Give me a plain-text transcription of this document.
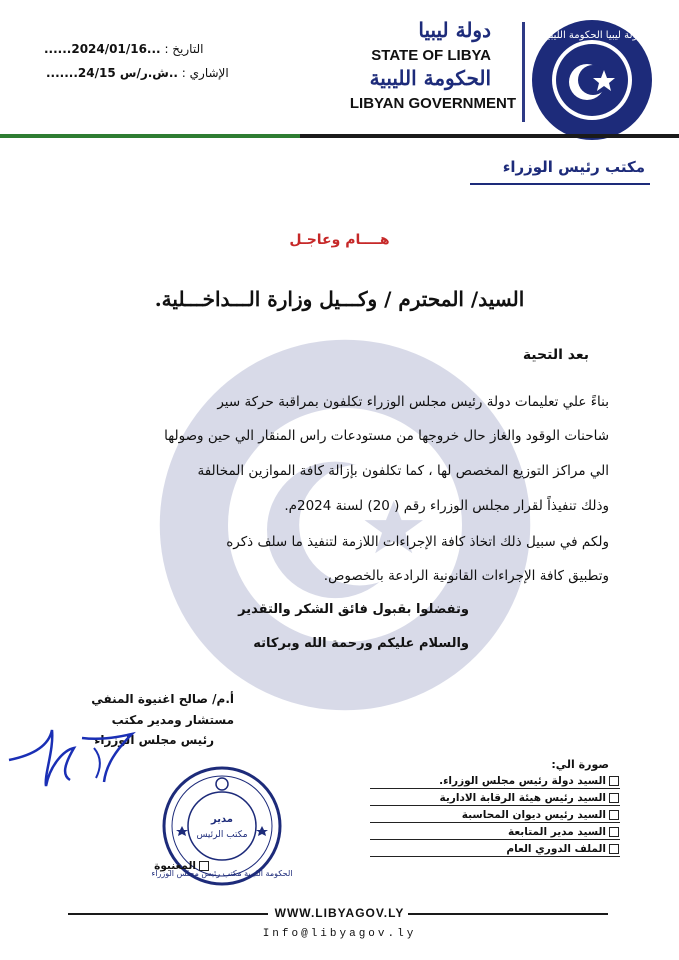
دولة ليبيا الحكومة الليبية
دولة ليبيا
STATE OF LIBYA
الحكومة الليبية
LIBYAN GOVERNMENT
التاريخ : ...2024/01/16......
الإشاري : ..ش.ر/س 24/15.......
مكتب رئيس الوزراء
هــــام وعاجـل
السيد/ المحترم / وكـــيل وزارة الـــداخـــلية.
بعد التحية
بناءً علي تعليمات دولة رئيس مجلس الوزراء تكلفون بمراقبة حركة سير
شاحنات الوقود والغاز حال خروجها من مستودعات راس المنقار الي حين وصولها
الي مراكز التوزيع المخصص لها ، كما تكلفون بإزالة كافة الموازين المخالفة
وذلك تنفيذاً لقرار مجلس الوزراء رقم ( 20) لسنة 2024م.
ولكم في سبيل ذلك اتخاذ كافة الإجراءات اللازمة لتنفيذ ما سلف ذكره
وتطبيق كافة الإجراءات القانونية الرادعة بالخصوص.
وتفضلوا بقبول فائق الشكر والتقدير
والسلام عليكم ورحمة الله وبركاته
أ.م/ صالح اغنيوة المنفي
مستشار ومدير مكتب
رئيس مجلس الوزراء
الحكومة الليبية مكتب رئيس مجلس الوزراء
مدير
مكتب الرئيس
صورة الي:
السيد دولة رئيس مجلس الوزراء.
السيد رئيس هيئة الرقابة الادارية
السيد رئيس ديوان المحاسبة
السيد مدير المتابعة
الملف الدوري العام
المغنيوة
WWW.LIBYAGOV.LY
Info@libyagov.ly
